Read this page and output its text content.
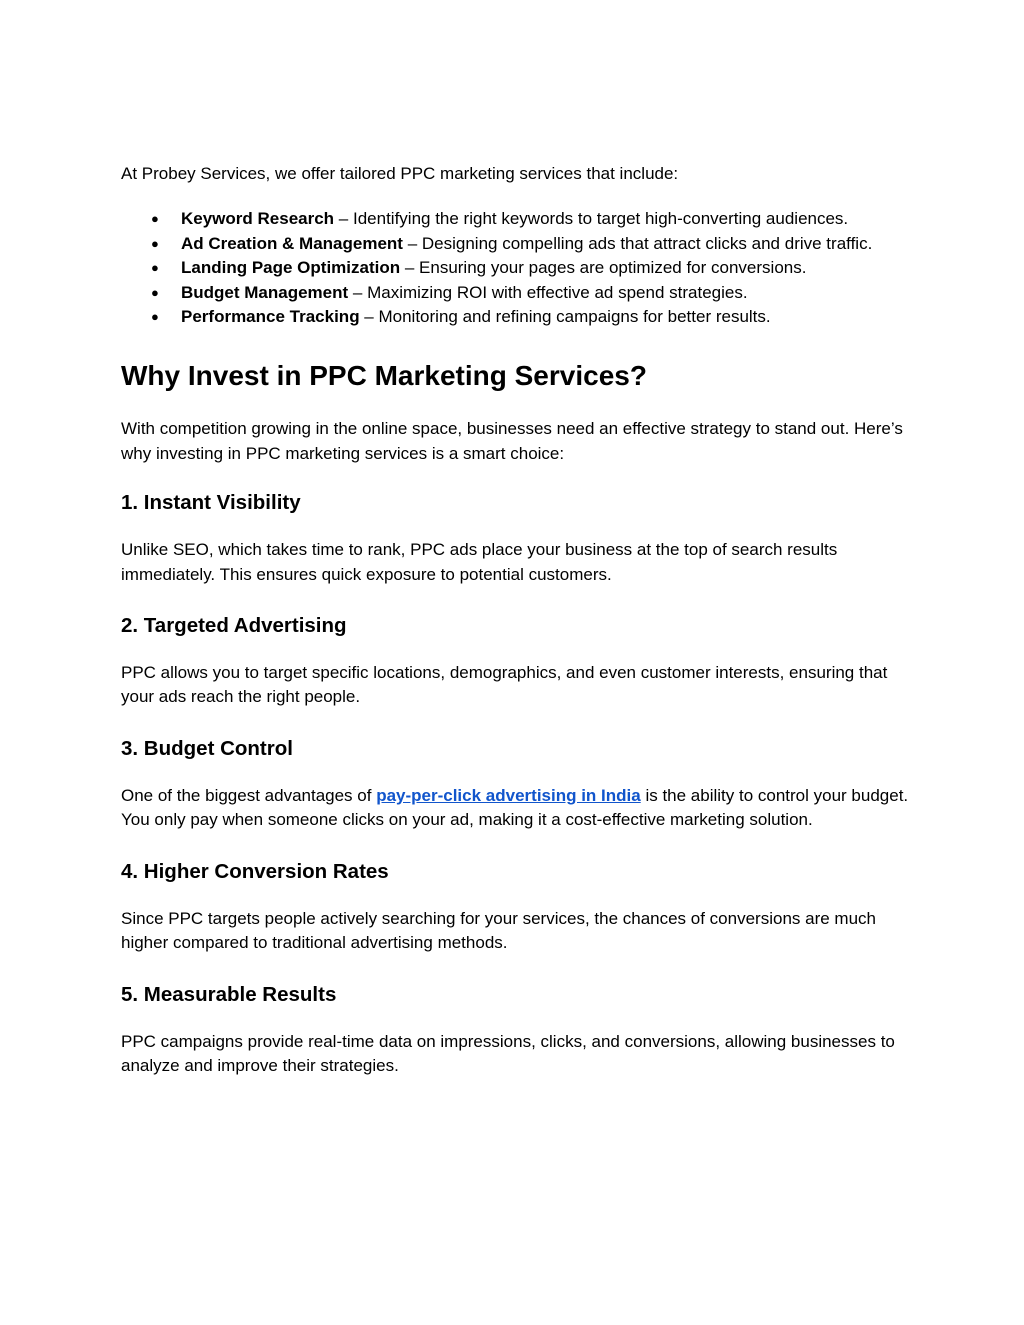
At Probey Services, we offer tailored PPC marketing services that include:

● Keyword Research – Identifying the right keywords to target high-converting audiences.
● Ad Creation & Management – Designing compelling ads that attract clicks and drive traffic.
● Landing Page Optimization – Ensuring your pages are optimized for conversions.
● Budget Management – Maximizing ROI with effective ad spend strategies.
● Performance Tracking – Monitoring and refining campaigns for better results.
Why Invest in PPC Marketing Services?

With competition growing in the online space, businesses need an effective strategy to stand out. Here’s why investing in PPC marketing services is a smart choice:

1. Instant Visibility

Unlike SEO, which takes time to rank, PPC ads place your business at the top of search results immediately. This ensures quick exposure to potential customers.

2. Targeted Advertising

PPC allows you to target specific locations, demographics, and even customer interests, ensuring that your ads reach the right people.

3. Budget Control

One of the biggest advantages of pay-per-click advertising in India is the ability to control your budget. You only pay when someone clicks on your ad, making it a cost-effective marketing solution.

4. Higher Conversion Rates

Since PPC targets people actively searching for your services, the chances of conversions are much higher compared to traditional advertising methods.

5. Measurable Results

PPC campaigns provide real-time data on impressions, clicks, and conversions, allowing businesses to analyze and improve their strategies.
